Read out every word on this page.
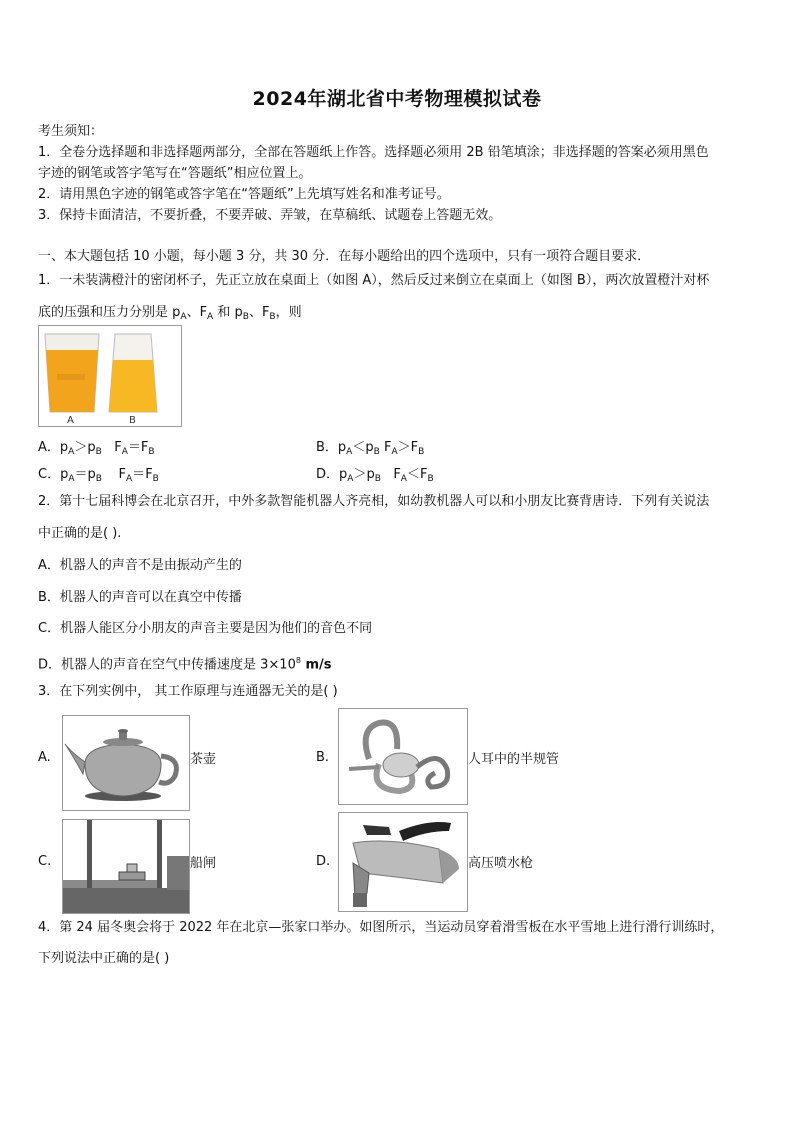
2024年湖北省中考物理模拟试卷
考生须知：
1．全卷分选择题和非选择题两部分，全部在答题纸上作答。选择题必须用 2B 铅笔填涂；非选择题的答案必须用黑色
字迹的钢笔或答字笔写在“答题纸”相应位置上。
2．请用黑色字迹的钢笔或答字笔在“答题纸”上先填写姓名和准考证号。
3．保持卡面清洁，不要折叠，不要弄破、弄皱，在草稿纸、试题卷上答题无效。
一、本大题包括 10 小题，每小题 3 分，共 30 分．在每小题给出的四个选项中，只有一项符合题目要求．
1．一未装满橙汁的密闭杯子，先正立放在桌面上（如图 A），然后反过来倒立在桌面上（如图 B），两次放置橙汁对杯
底的压强和压力分别是 $p_A$、$F_A$ 和 $p_B$、$F_B$，则
A	B
A．$p_A>p_B$ $F_A=F_B$	B．$p_A<p_B$ $F_A>F_B$
C．$p_A=p_B$ $F_A=F_B$	D．$p_A>p_B$ $F_A<F_B$
2．第十七届科博会在北京召开，中外多款智能机器人齐亮相，如幼教机器人可以和小朋友比赛背唐诗．下列有关说法
中正确的是( ).
A．机器人的声音不是由振动产生的
B．机器人的声音可以在真空中传播
C．机器人能区分小朋友的声音主要是因为他们的音色不同
D．机器人的声音在空气中传播速度是 $3\times 10^8$ m/s
3．在下列实例中， 其工作原理与连通器无关的是( )
A.	茶壶	B.	人耳中的半规管
C.	船闸	D.	高压喷水枪
4．第 24 届冬奥会将于 2022 年在北京—张家口举办。如图所示，当运动员穿着滑雪板在水平雪地上进行滑行训练时，
下列说法中正确的是( )
